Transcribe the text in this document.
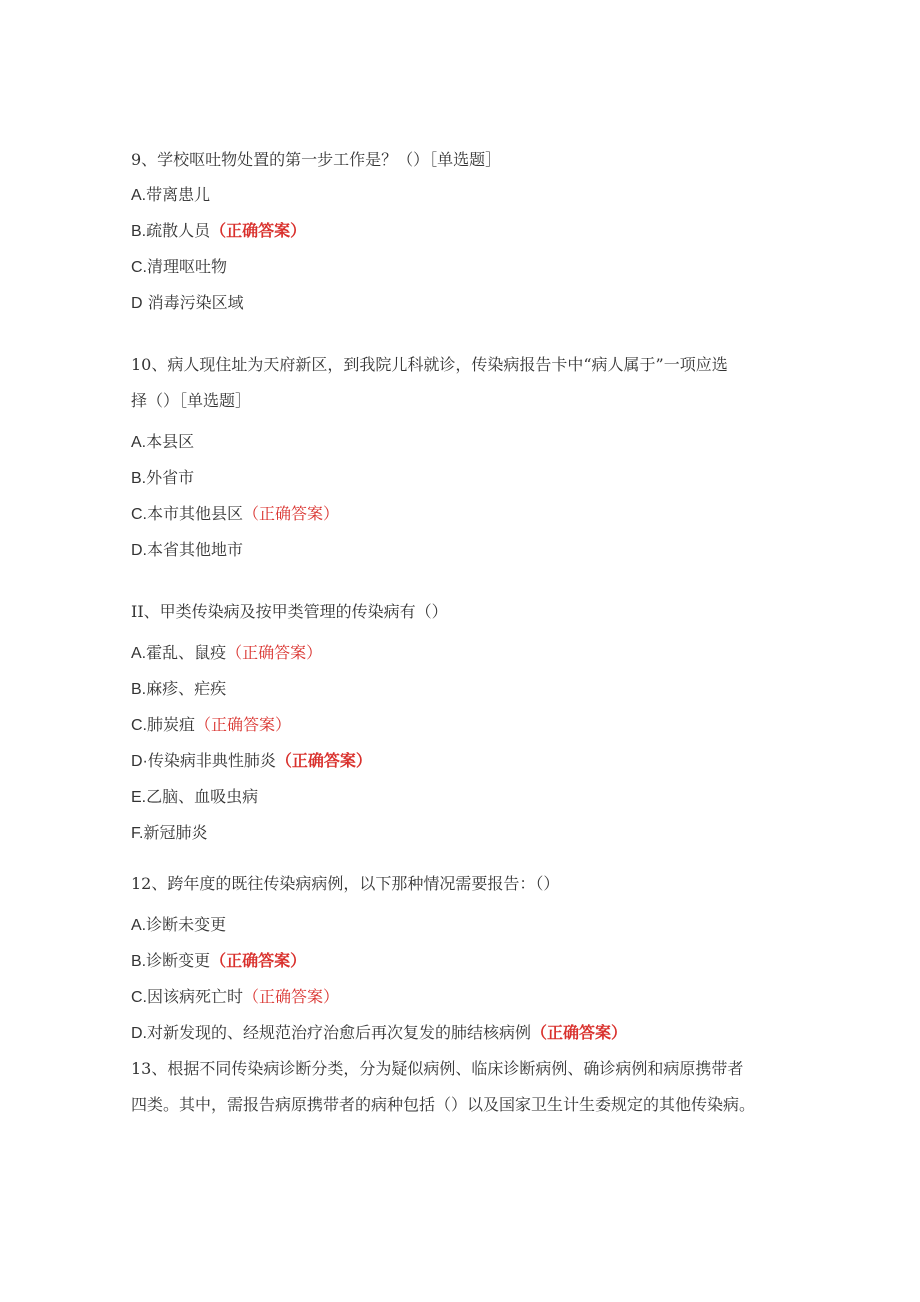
9、学校呕吐物处置的第一步工作是？（）［单选题］
A.带离患儿
B.疏散人员（正确答案）
C.清理呕吐物
D 消毒污染区域
10、病人现住址为天府新区，到我院儿科就诊，传染病报告卡中“病人属于”一项应选
择（）［单选题］
A.本县区
B.外省市
C.本市其他县区（正确答案）
D.本省其他地市
II、甲类传染病及按甲类管理的传染病有（）
A.霍乱、鼠疫（正确答案）
B.麻疹、疟疾
C.肺炭疽（正确答案）
D·传染病非典性肺炎（正确答案）
E.乙脑、血吸虫病
F.新冠肺炎
12、跨年度的既往传染病病例，以下那种情况需要报告：（）
A.诊断未变更
B.诊断变更（正确答案）
C.因该病死亡时（正确答案）
D.对新发现的、经规范治疗治愈后再次复发的肺结核病例（正确答案）
13、根据不同传染病诊断分类，分为疑似病例、临床诊断病例、确诊病例和病原携带者
四类。其中，需报告病原携带者的病种包括（）以及国家卫生计生委规定的其他传染病。
